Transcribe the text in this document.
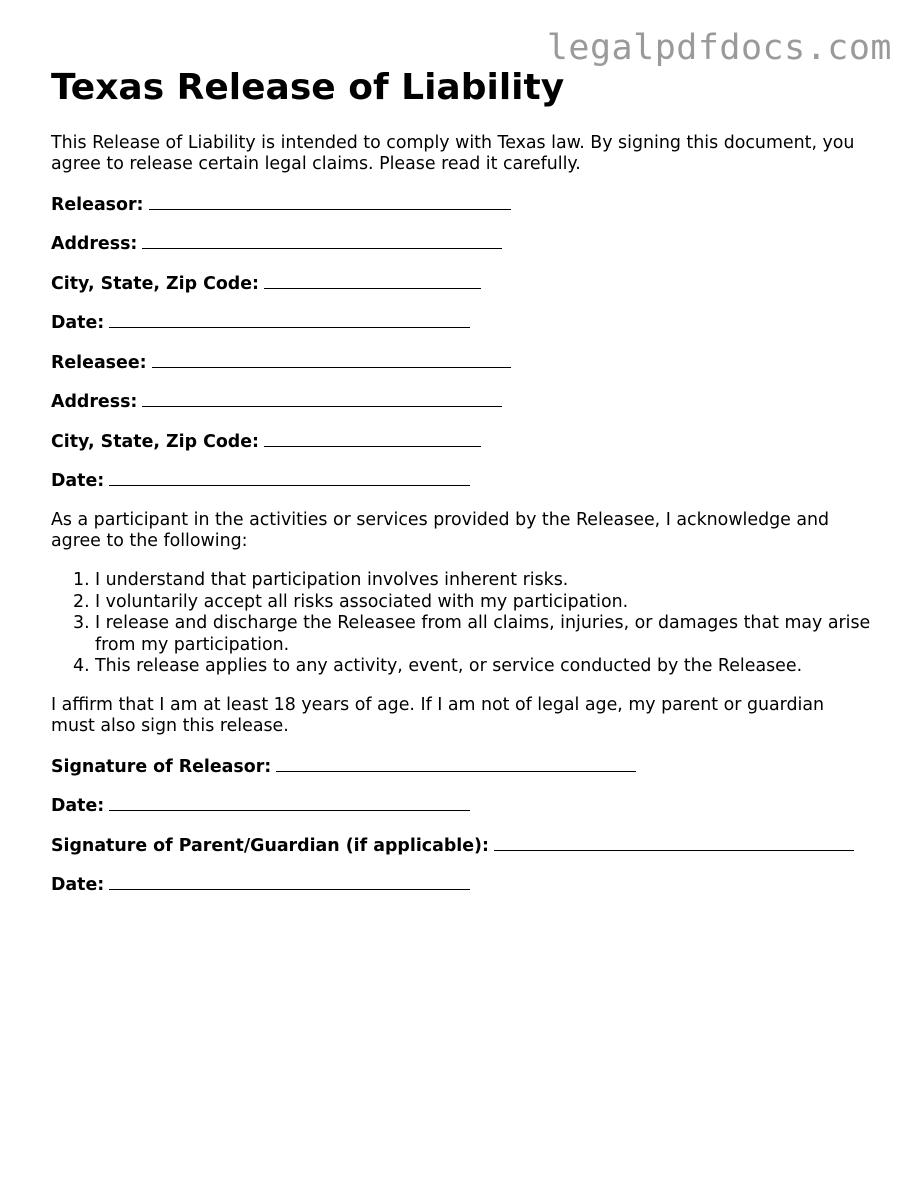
legalpdfdocs.com
Texas Release of Liability

This Release of Liability is intended to comply with Texas law. By signing this document, you agree to release certain legal claims. Please read it carefully.

Releasor:
Address:
City, State, Zip Code:
Date:
Releasee:
Address:
City, State, Zip Code:
Date:

As a participant in the activities or services provided by the Releasee, I acknowledge and agree to the following:

1. I understand that participation involves inherent risks.
2. I voluntarily accept all risks associated with my participation.
3. I release and discharge the Releasee from all claims, injuries, or damages that may arise from my participation.
4. This release applies to any activity, event, or service conducted by the Releasee.

I affirm that I am at least 18 years of age. If I am not of legal age, my parent or guardian must also sign this release.

Signature of Releasor:
Date:
Signature of Parent/Guardian (if applicable):
Date:
